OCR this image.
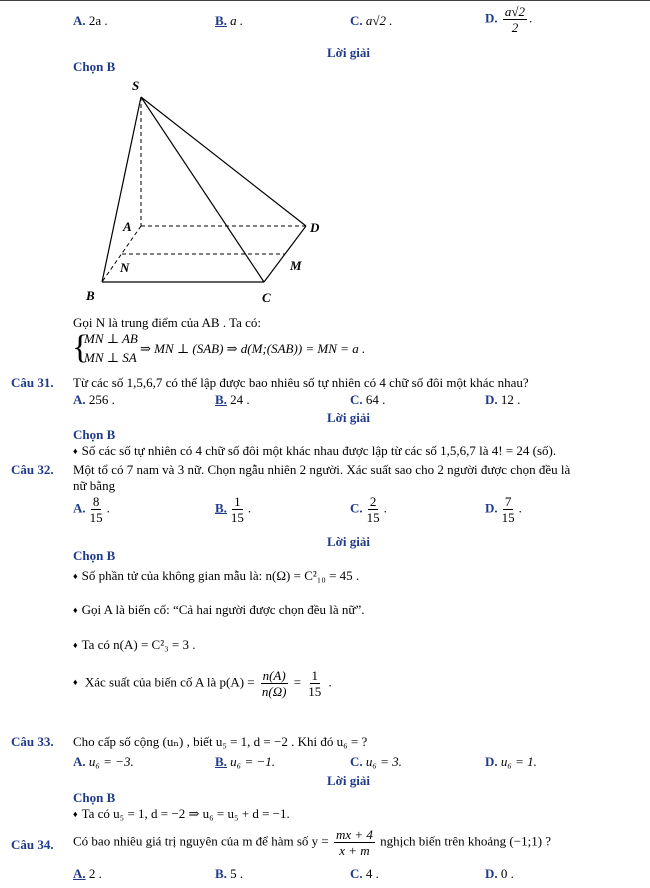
A. 2a .	B. a .	C. a√2 .	D. $\frac{a√2}{2}$ .
Lời giải
Chọn B
S
A	D
N	M
B	C
Gọi N là trung điểm của AB . Ta có:
{
MN ⊥ AB
MN ⊥ SA
⇒ MN ⊥ (SAB) ⇒ d(M;(SAB)) = MN = a .
Câu 31. Từ các số 1,5,6,7 có thể lập được bao nhiêu số tự nhiên có 4 chữ số đôi một khác nhau?
A. 256 .	B. 24 .	C. 64 .	D. 12 .
Lời giải
Chọn B
♦ Số các số tự nhiên có 4 chữ số đôi một khác nhau được lập từ các số 1,5,6,7 là 4! = 24 (số).
Câu 32. Một tổ có 7 nam và 3 nữ. Chọn ngẫu nhiên 2 người. Xác suất sao cho 2 người được chọn đều là
nữ bằng
A. $\frac{8}{15}$ .	B. $\frac{1}{15}$ .	C. $\frac{2}{15}$ .	D. $\frac{7}{15}$ .
Lời giải
Chọn B
♦ Số phần tử của không gian mẫu là: n(Ω) = C²₁₀ = 45 .
♦ Gọi A là biến cố: “Cả hai người được chọn đều là nữ”.
♦ Ta có n(A) = C²₃ = 3 .
♦ Xác suất của biến cố A là $p(A) = \frac{n(A)}{n(\Omega)} = \frac{1}{15}$ .
Câu 33. Cho cấp số cộng (uₙ) , biết u₅ = 1, d = −2 . Khi đó u₆ = ?
A. u₆ = −3.	B. u₆ = −1.	C. u₆ = 3.	D. u₆ = 1.
Lời giải
Chọn B
♦ Ta có u₅ = 1, d = −2 ⇒ u₆ = u₅ + d = −1.
Câu 34. Có bao nhiêu giá trị nguyên của m để hàm số $y = \frac{mx + 4}{x + m}$ nghịch biến trên khoảng (−1;1) ?
A. 2 .	B. 5 .	C. 4 .	D. 0 .
